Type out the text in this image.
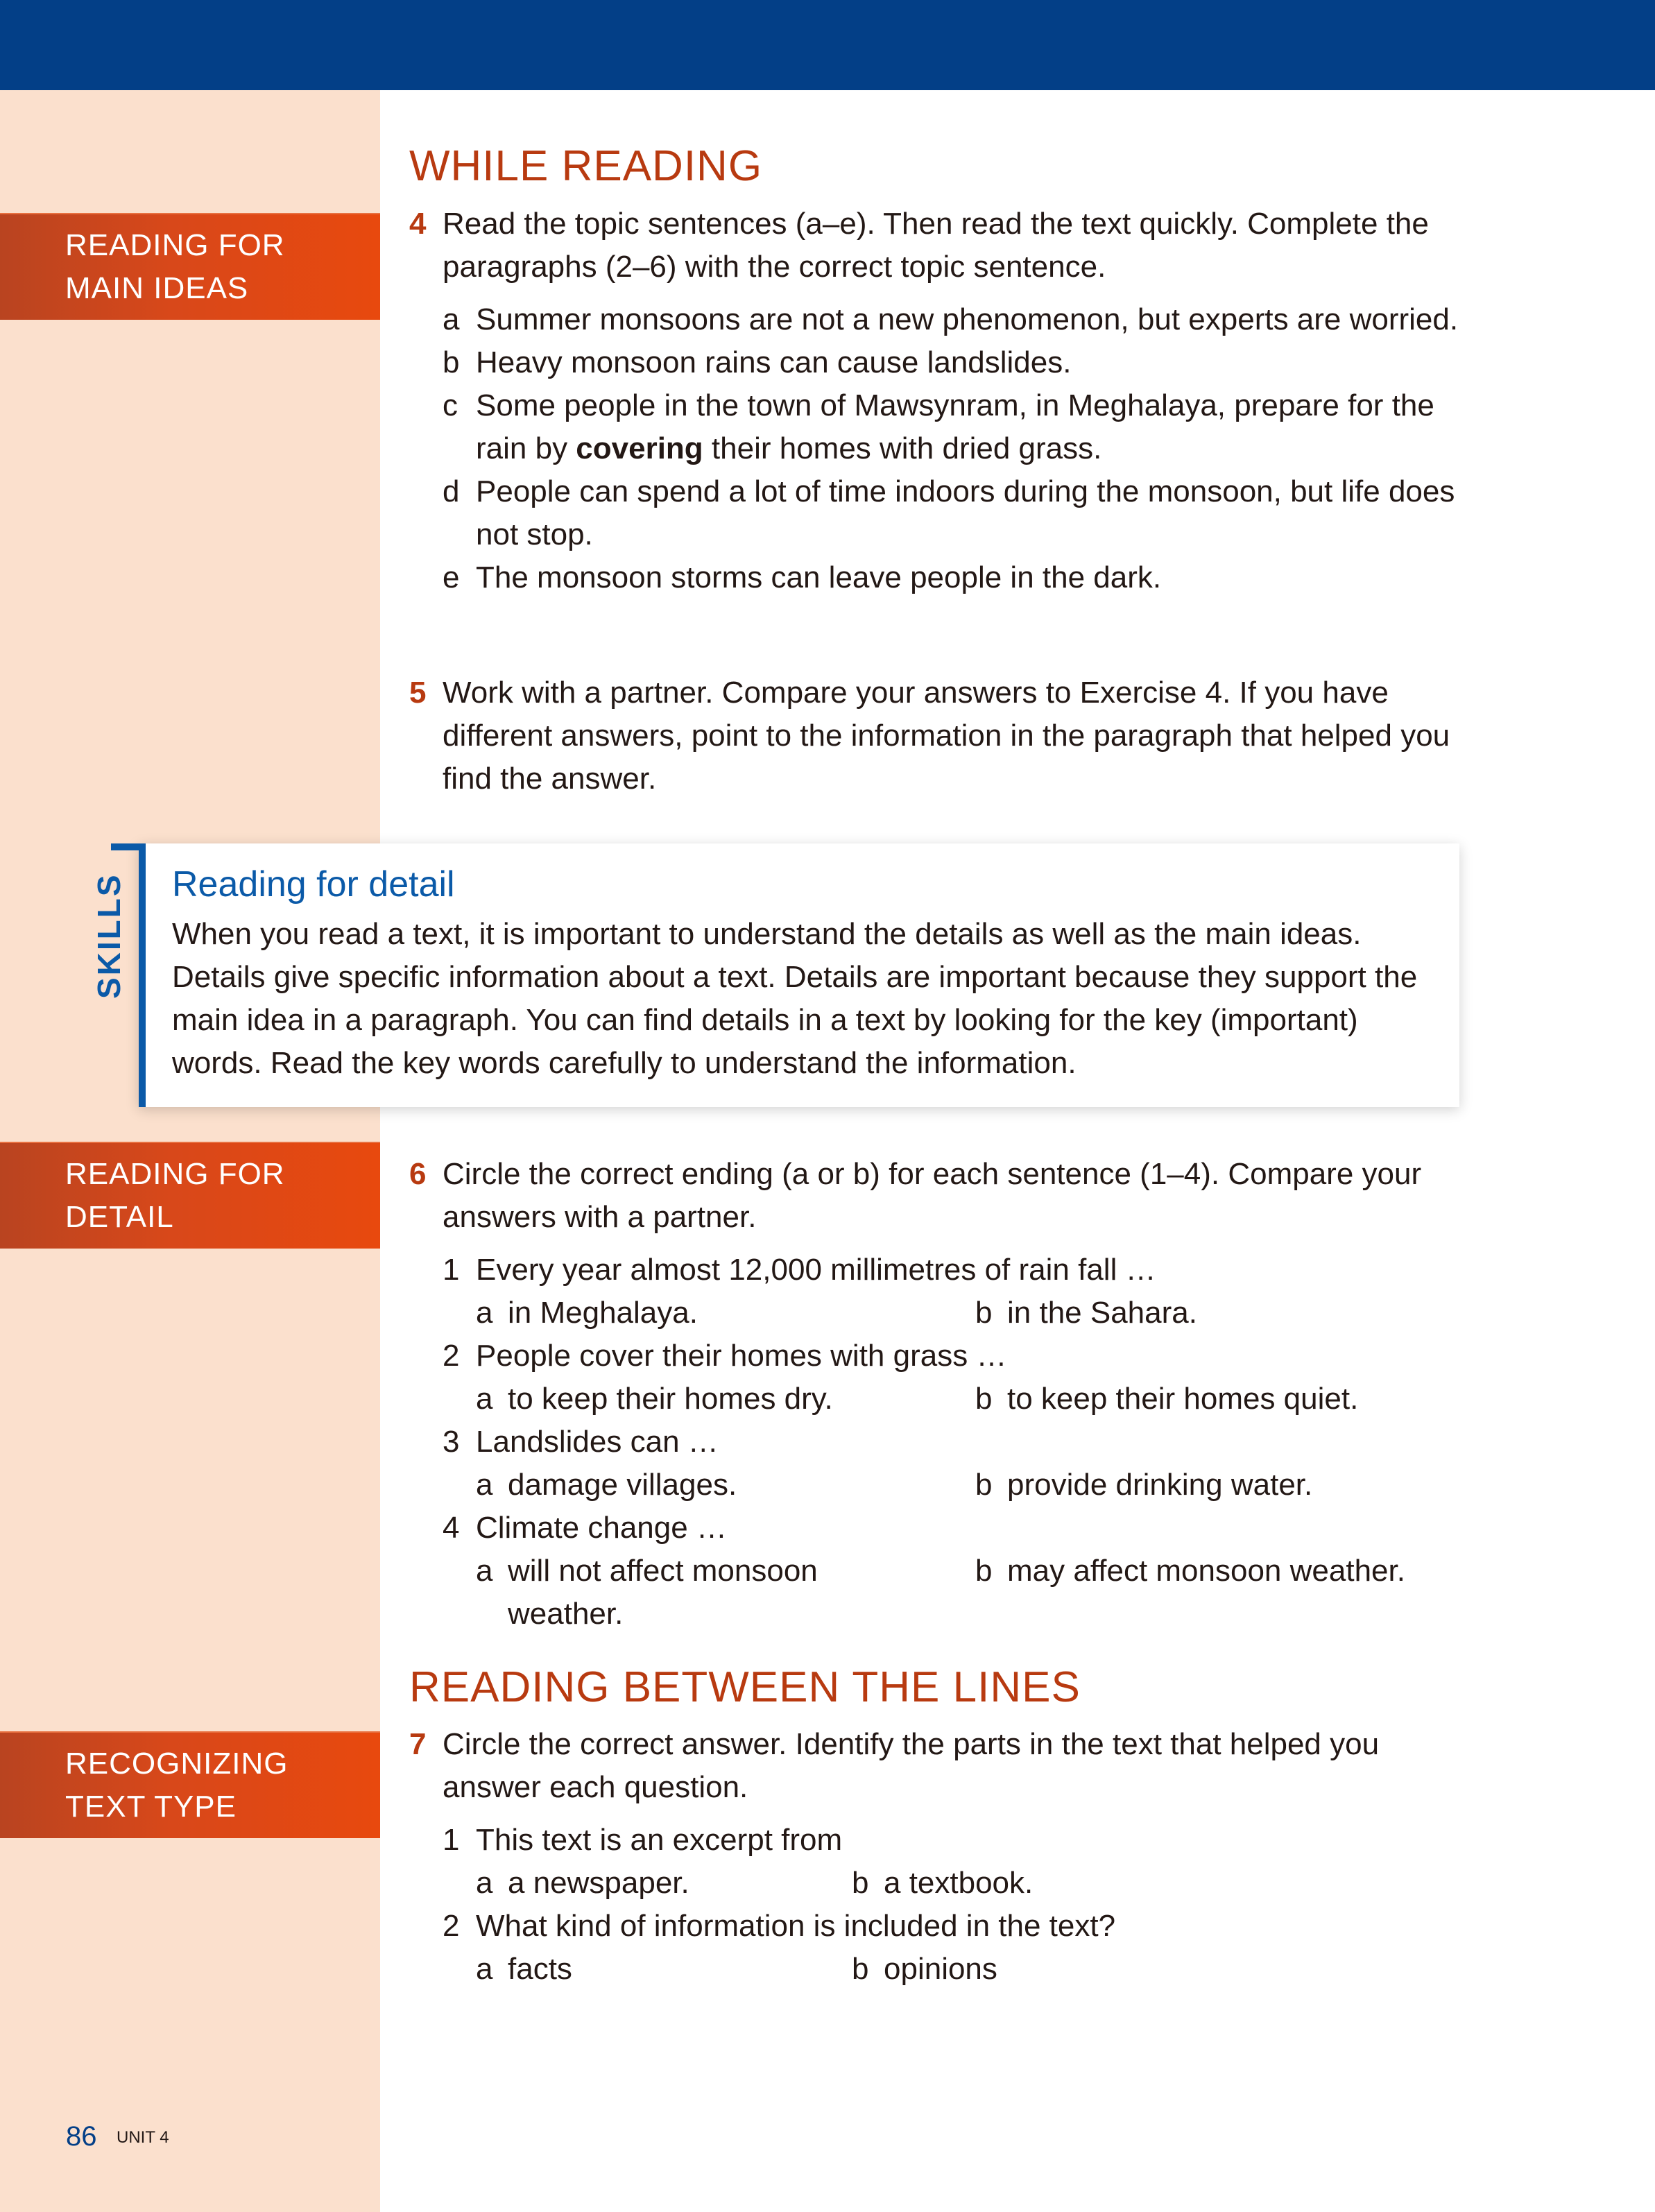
READING FOR
MAIN IDEAS
READING FOR
DETAIL
RECOGNIZING
TEXT TYPE
WHILE READING
4 Read the topic sentences (a–e). Then read the text quickly. Complete the paragraphs (2–6) with the correct topic sentence.
a Summer monsoons are not a new phenomenon, but experts are worried.
b Heavy monsoon rains can cause landslides.
c Some people in the town of Mawsynram, in Meghalaya, prepare for the rain by covering their homes with dried grass.
d People can spend a lot of time indoors during the monsoon, but life does not stop.
e The monsoon storms can leave people in the dark.
5 Work with a partner. Compare your answers to Exercise 4. If you have different answers, point to the information in the paragraph that helped you find the answer.
SKILLS Reading for detail
When you read a text, it is important to understand the details as well as the main ideas. Details give specific information about a text. Details are important because they support the main idea in a paragraph. You can find details in a text by looking for the key (important) words. Read the key words carefully to understand the information.
6 Circle the correct ending (a or b) for each sentence (1–4). Compare your answers with a partner.
1 Every year almost 12,000 millimetres of rain fall …
a in Meghalaya.	b in the Sahara.
2 People cover their homes with grass …
a to keep their homes dry.	b to keep their homes quiet.
3 Landslides can …
a damage villages.	b provide drinking water.
4 Climate change …
a will not affect monsoon weather.
b may affect monsoon weather.
READING BETWEEN THE LINES
7 Circle the correct answer. Identify the parts in the text that helped you answer each question.
1 This text is an excerpt from
a a newspaper.	b a textbook.
2 What kind of information is included in the text?
a facts	b opinions
86 UNIT 4
